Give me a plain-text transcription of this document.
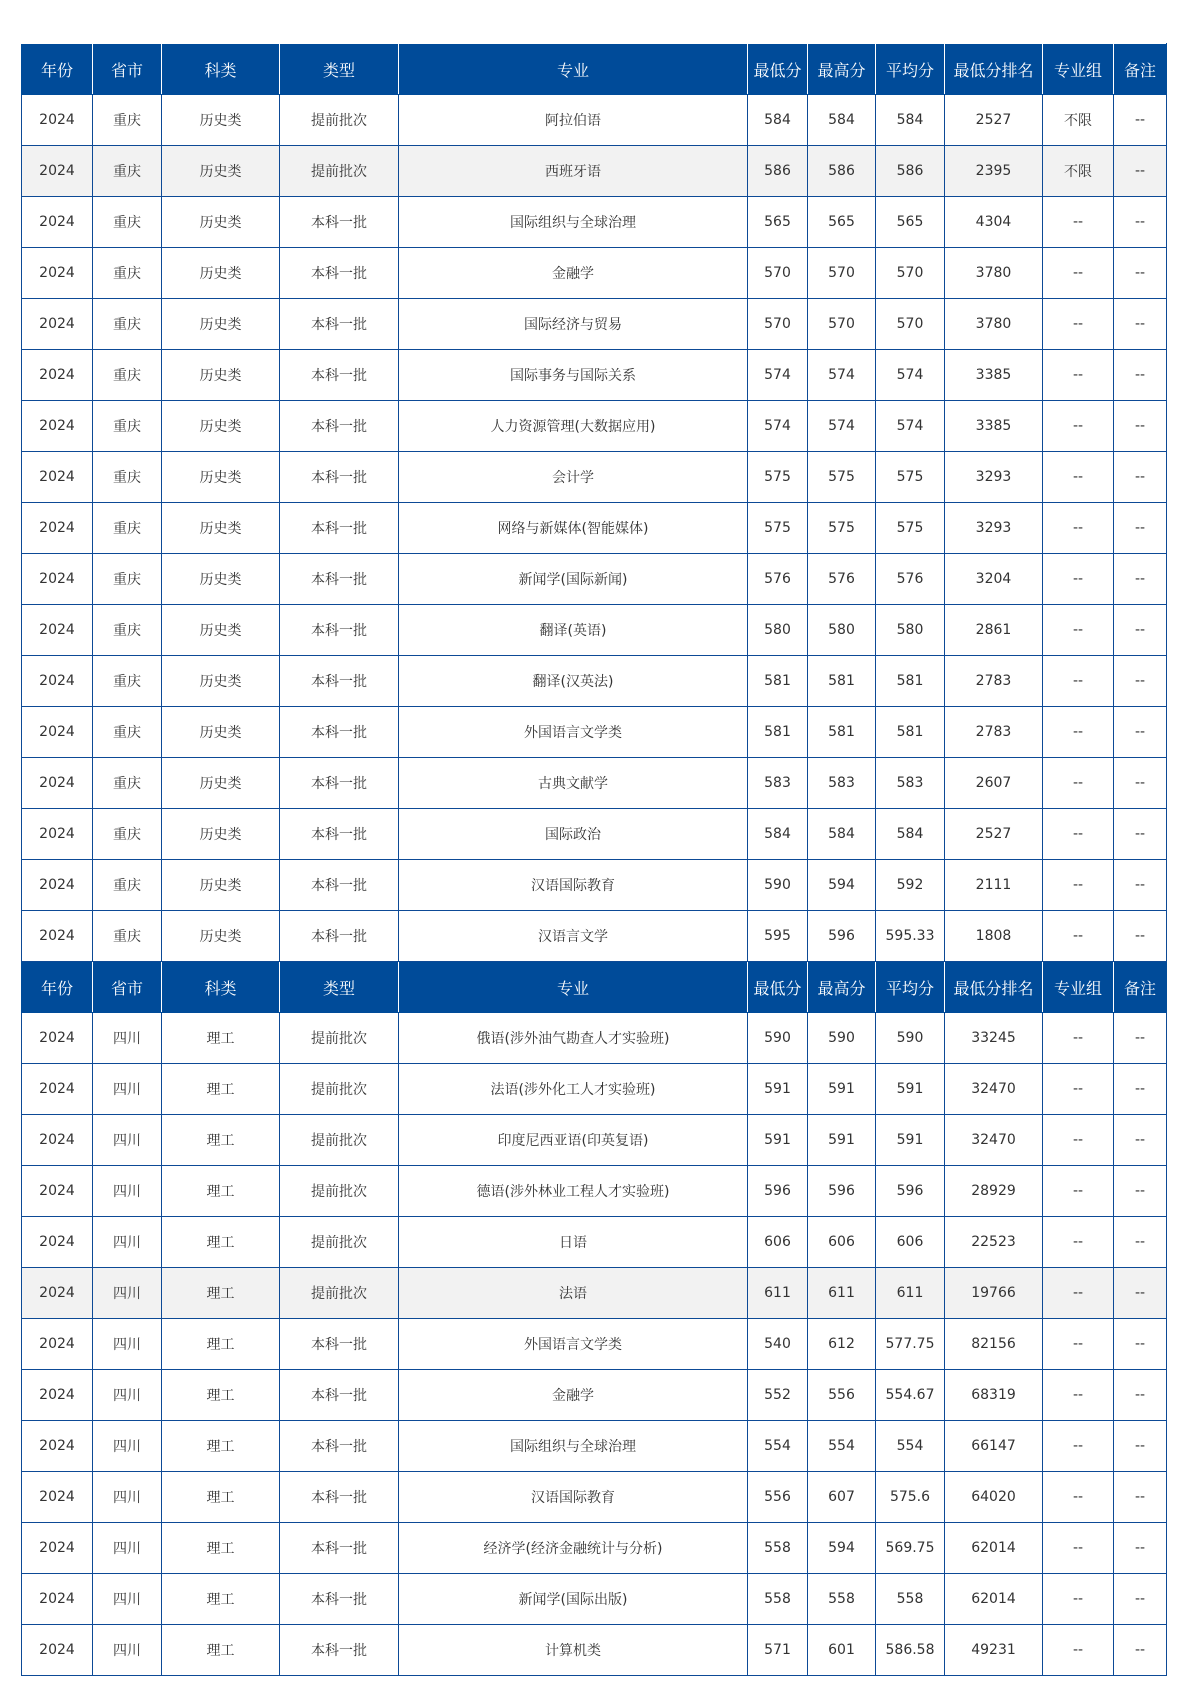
年份	省市	科类	类型	专业	最低分	最高分	平均分	最低分排名	专业组	备注
2024	重庆	历史类	提前批次	阿拉伯语	584	584	584	2527	不限	--
2024	重庆	历史类	提前批次	西班牙语	586	586	586	2395	不限	--
2024	重庆	历史类	本科一批	国际组织与全球治理	565	565	565	4304	--	--
2024	重庆	历史类	本科一批	金融学	570	570	570	3780	--	--
2024	重庆	历史类	本科一批	国际经济与贸易	570	570	570	3780	--	--
2024	重庆	历史类	本科一批	国际事务与国际关系	574	574	574	3385	--	--
2024	重庆	历史类	本科一批	人力资源管理(大数据应用)	574	574	574	3385	--	--
2024	重庆	历史类	本科一批	会计学	575	575	575	3293	--	--
2024	重庆	历史类	本科一批	网络与新媒体(智能媒体)	575	575	575	3293	--	--
2024	重庆	历史类	本科一批	新闻学(国际新闻)	576	576	576	3204	--	--
2024	重庆	历史类	本科一批	翻译(英语)	580	580	580	2861	--	--
2024	重庆	历史类	本科一批	翻译(汉英法)	581	581	581	2783	--	--
2024	重庆	历史类	本科一批	外国语言文学类	581	581	581	2783	--	--
2024	重庆	历史类	本科一批	古典文献学	583	583	583	2607	--	--
2024	重庆	历史类	本科一批	国际政治	584	584	584	2527	--	--
2024	重庆	历史类	本科一批	汉语国际教育	590	594	592	2111	--	--
2024	重庆	历史类	本科一批	汉语言文学	595	596	595.33	1808	--	--
年份	省市	科类	类型	专业	最低分	最高分	平均分	最低分排名	专业组	备注
2024	四川	理工	提前批次	俄语(涉外油气勘查人才实验班)	590	590	590	33245	--	--
2024	四川	理工	提前批次	法语(涉外化工人才实验班)	591	591	591	32470	--	--
2024	四川	理工	提前批次	印度尼西亚语(印英复语)	591	591	591	32470	--	--
2024	四川	理工	提前批次	德语(涉外林业工程人才实验班)	596	596	596	28929	--	--
2024	四川	理工	提前批次	日语	606	606	606	22523	--	--
2024	四川	理工	提前批次	法语	611	611	611	19766	--	--
2024	四川	理工	本科一批	外国语言文学类	540	612	577.75	82156	--	--
2024	四川	理工	本科一批	金融学	552	556	554.67	68319	--	--
2024	四川	理工	本科一批	国际组织与全球治理	554	554	554	66147	--	--
2024	四川	理工	本科一批	汉语国际教育	556	607	575.6	64020	--	--
2024	四川	理工	本科一批	经济学(经济金融统计与分析)	558	594	569.75	62014	--	--
2024	四川	理工	本科一批	新闻学(国际出版)	558	558	558	62014	--	--
2024	四川	理工	本科一批	计算机类	571	601	586.58	49231	--	--
